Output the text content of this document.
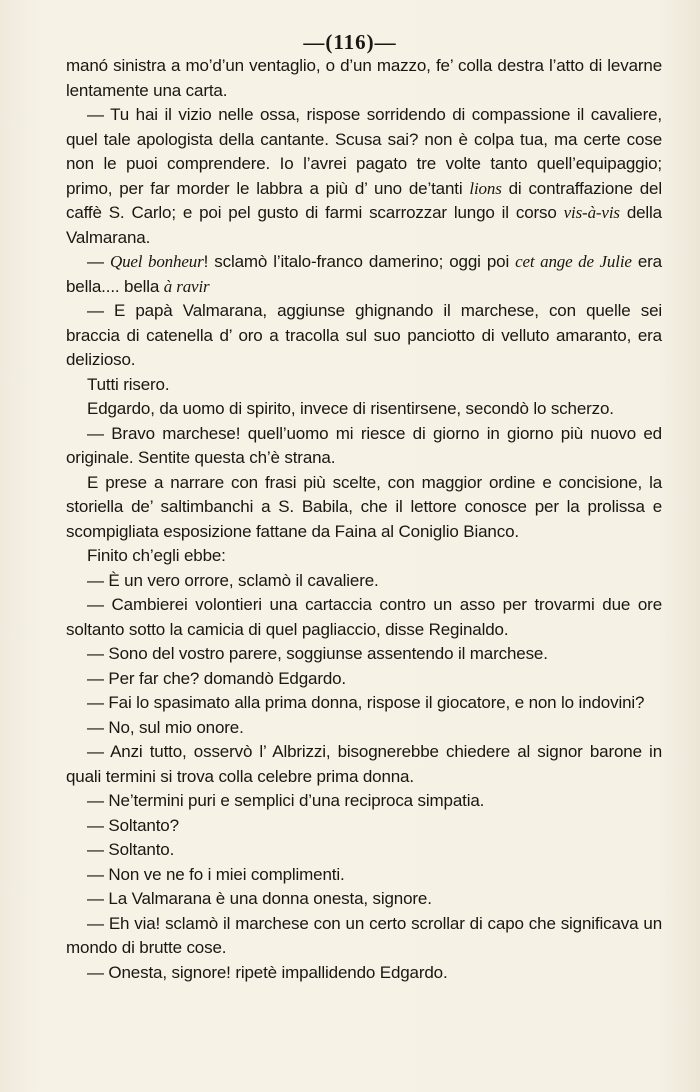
—(116)—

manó sinistra a mo’d’un ventaglio, o d’un mazzo, fe’ colla destra l’atto di levarne lentamente una carta.

— Tu hai il vizio nelle ossa, rispose sorridendo di compassione il cavaliere, quel tale apologista della cantante. Scusa sai? non è colpa tua, ma certe cose non le puoi comprendere. Io l’avrei pagato tre volte tanto quell’equipaggio; primo, per far morder le labbra a più d’ uno de’tanti lions di contraffazione del caffè S. Carlo; e poi pel gusto di farmi scarrozzar lungo il corso vis-à-vis della Valmarana.

— Quel bonheur! sclamò l’italo-franco damerino; oggi poi cet ange de Julie era bella.... bella à ravir

— E papà Valmarana, aggiunse ghignando il marchese, con quelle sei braccia di catenella d’ oro a tracolla sul suo panciotto di velluto amaranto, era delizioso.

Tutti risero.

Edgardo, da uomo di spirito, invece di risentirsene, secondò lo scherzo.

— Bravo marchese! quell’uomo mi riesce di giorno in giorno più nuovo ed originale. Sentite questa ch’è strana.

E prese a narrare con frasi più scelte, con maggior ordine e concisione, la storiella de’ saltimbanchi a S. Babila, che il lettore conosce per la prolissa e scompigliata esposizione fattane da Faina al Coniglio Bianco.

Finito ch’egli ebbe:

— È un vero orrore, sclamò il cavaliere.

— Cambierei volontieri una cartaccia contro un asso per trovarmi due ore soltanto sotto la camicia di quel pagliaccio, disse Reginaldo.

— Sono del vostro parere, soggiunse assentendo il marchese.

— Per far che? domandò Edgardo.

— Fai lo spasimato alla prima donna, rispose il giocatore, e non lo indovini?

— No, sul mio onore.

— Anzi tutto, osservò l’ Albrizzi, bisognerebbe chiedere al signor barone in quali termini si trova colla celebre prima donna.

— Ne’termini puri e semplici d’una reciproca simpatia.

— Soltanto?

— Soltanto.

— Non ve ne fo i miei complimenti.

— La Valmarana è una donna onesta, signore.

— Eh via! sclamò il marchese con un certo scrollar di capo che significava un mondo di brutte cose.

— Onesta, signore! ripetè impallidendo Edgardo.
